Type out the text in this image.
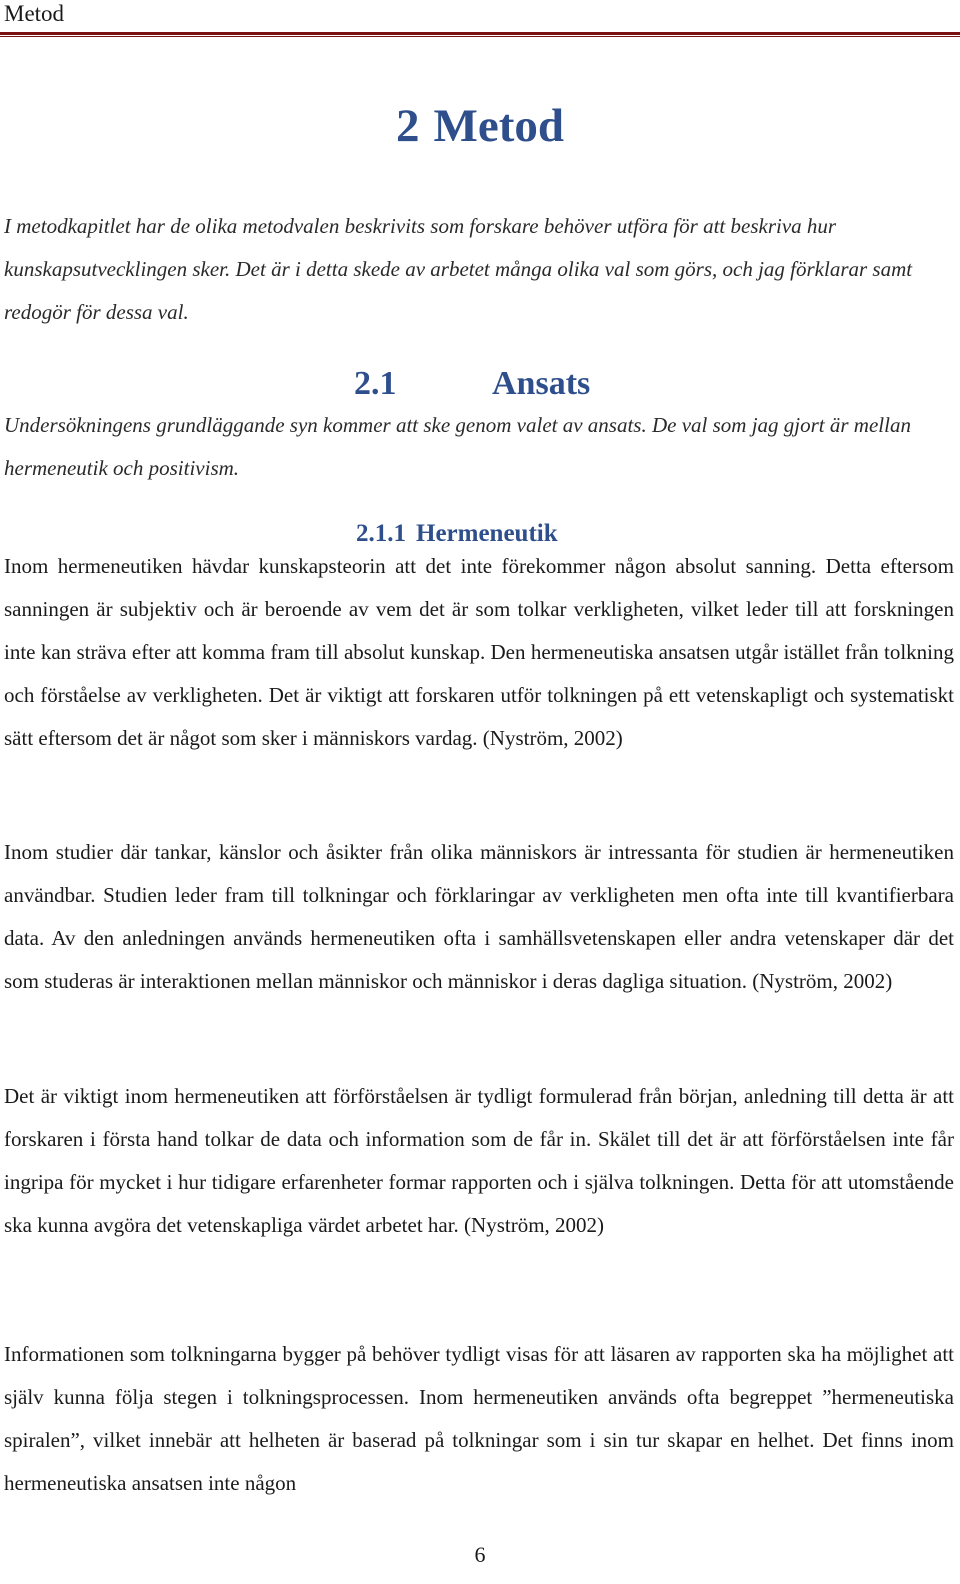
Metod
2 Metod

I metodkapitlet har de olika metodvalen beskrivits som forskare behöver utföra för att beskriva hur kunskapsutvecklingen sker. Det är i detta skede av arbetet många olika val som görs, och jag förklarar samt redogör för dessa val.

2.1	Ansats

Undersökningens grundläggande syn kommer att ske genom valet av ansats. De val som jag gjort är mellan hermeneutik och positivism.

2.1.1 Hermeneutik

Inom hermeneutiken hävdar kunskapsteorin att det inte förekommer någon absolut sanning. Detta eftersom sanningen är subjektiv och är beroende av vem det är som tolkar verkligheten, vilket leder till att forskningen inte kan sträva efter att komma fram till absolut kunskap. Den hermeneutiska ansatsen utgår istället från tolkning och förståelse av verkligheten. Det är viktigt att forskaren utför tolkningen på ett vetenskapligt och systematiskt sätt eftersom det är något som sker i människors vardag. (Nyström, 2002)

Inom studier där tankar, känslor och åsikter från olika människors är intressanta för studien är hermeneutiken användbar. Studien leder fram till tolkningar och förklaringar av verkligheten men ofta inte till kvantifierbara data. Av den anledningen används hermeneutiken ofta i samhällsvetenskapen eller andra vetenskaper där det som studeras är interaktionen mellan människor och människor i deras dagliga situation. (Nyström, 2002)

Det är viktigt inom hermeneutiken att förförståelsen är tydligt formulerad från början, anledning till detta är att forskaren i första hand tolkar de data och information som de får in. Skälet till det är att förförståelsen inte får ingripa för mycket i hur tidigare erfarenheter formar rapporten och i själva tolkningen. Detta för att utomstående ska kunna avgöra det vetenskapliga värdet arbetet har. (Nyström, 2002)

Informationen som tolkningarna bygger på behöver tydligt visas för att läsaren av rapporten ska ha möjlighet att själv kunna följa stegen i tolkningsprocessen. Inom hermeneutiken används ofta begreppet ”hermeneutiska spiralen”, vilket innebär att helheten är baserad på tolkningar som i sin tur skapar en helhet. Det finns inom hermeneutiska ansatsen inte någon

6
